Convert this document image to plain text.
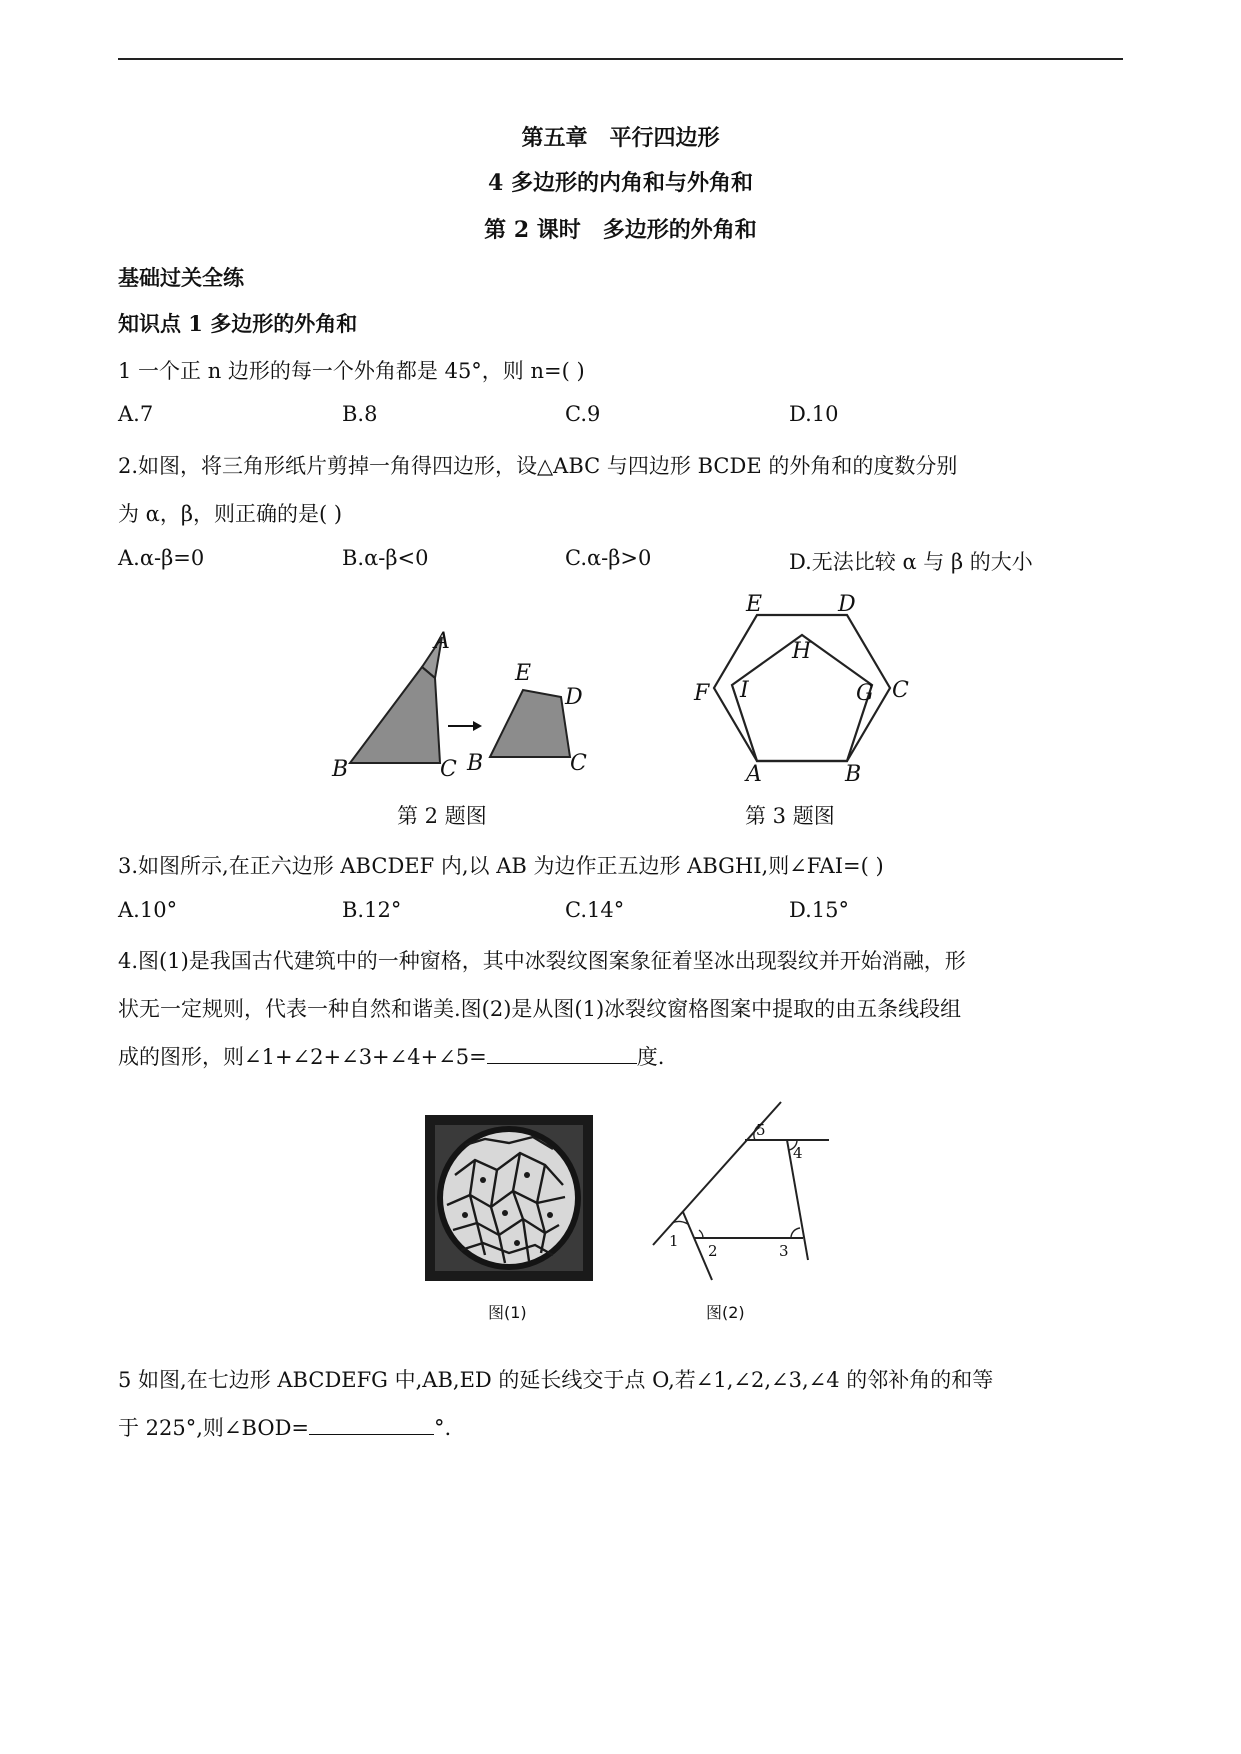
第五章　平行四边形
4 多边形的内角和与外角和
第 2 课时　多边形的外角和
基础过关全练
知识点 1 多边形的外角和
1 一个正 n 边形的每一个外角都是 45°，则 n=( )
A.7	B.8	C.9	D.10
2.如图，将三角形纸片剪掉一角得四边形，设△ABC 与四边形 BCDE 的外角和的度数分别
为 α，β，则正确的是( )
A.α-β=0	B.α-β<0	C.α-β>0	D.无法比较 α 与 β 的大小
A
B	C B	C
D
E
第 2 题图
A	B
C
D
E
F	G
H
I
第 3 题图
3.如图所示,在正六边形 ABCDEF 内,以 AB 为边作正五边形 ABGHI,则∠FAI=( )
A.10°	B.12°	C.14°	D.15°
4.图(1)是我国古代建筑中的一种窗格，其中冰裂纹图案象征着坚冰出现裂纹并开始消融，形
状无一定规则，代表一种自然和谐美.图(2)是从图(1)冰裂纹窗格图案中提取的由五条线段组
成的图形，则∠1+∠2+∠3+∠4+∠5=	度.
图(1)
1
2	3
4
5
图(2)
5 如图,在七边形 ABCDEFG 中,AB,ED 的延长线交于点 O,若∠1,∠2,∠3,∠4 的邻补角的和等
于 225°,则∠BOD=	°.
